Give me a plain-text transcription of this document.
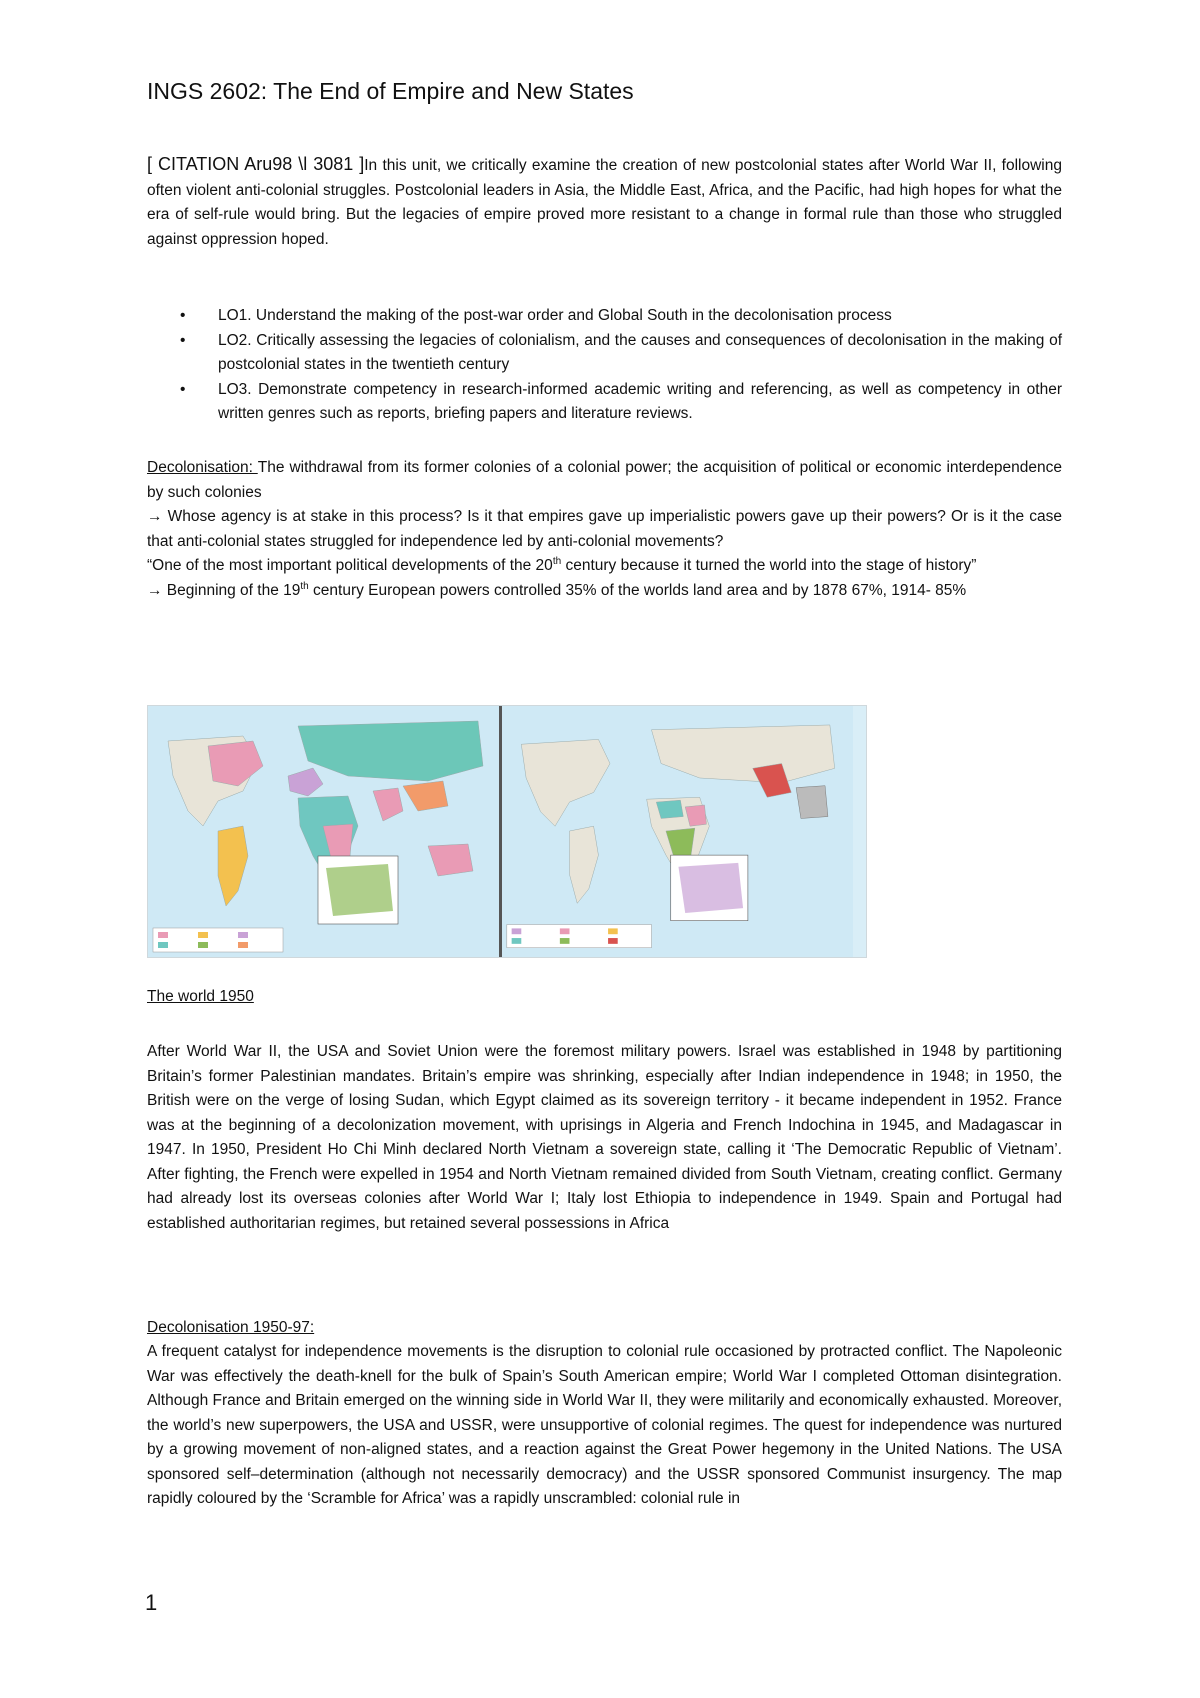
INGS 2602: The End of Empire and New States
[ CITATION Aru98 \l 3081 ]In this unit, we critically examine the creation of new postcolonial states after World War II, following often violent anti-colonial struggles. Postcolonial leaders in Asia, the Middle East, Africa, and the Pacific, had high hopes for what the era of self-rule would bring. But the legacies of empire proved more resistant to a change in formal rule than those who struggled against oppression hoped.
• LO1. Understand the making of the post-war order and Global South in the decolonisation process
• LO2. Critically assessing the legacies of colonialism, and the causes and consequences of decolonisation in the making of postcolonial states in the twentieth century
• LO3. Demonstrate competency in research-informed academic writing and referencing, as well as competency in other written genres such as reports, briefing papers and literature reviews.
Decolonisation: The withdrawal from its former colonies of a colonial power; the acquisition of political or economic interdependence by such colonies
→ Whose agency is at stake in this process? Is it that empires gave up imperialistic powers gave up their powers? Or is it the case that anti-colonial states struggled for independence led by anti-colonial movements?
“One of the most important political developments of the 20th century because it turned the world into the stage of history”
→ Beginning of the 19th century European powers controlled 35% of the worlds land area and by 1878 67%, 1914- 85%
The world 1950
After World War II, the USA and Soviet Union were the foremost military powers. Israel was established in 1948 by partitioning Britain’s former Palestinian mandates. Britain’s empire was shrinking, especially after Indian independence in 1948; in 1950, the British were on the verge of losing Sudan, which Egypt claimed as its sovereign territory - it became independent in 1952. France was at the beginning of a decolonization movement, with uprisings in Algeria and French Indochina in 1945, and Madagascar in 1947. In 1950, President Ho Chi Minh declared North Vietnam a sovereign state, calling it ‘The Democratic Republic of Vietnam’. After fighting, the French were expelled in 1954 and North Vietnam remained divided from South Vietnam, creating conflict. Germany had already lost its overseas colonies after World War I; Italy lost Ethiopia to independence in 1949. Spain and Portugal had established authoritarian regimes, but retained several possessions in Africa
Decolonisation 1950-97:
A frequent catalyst for independence movements is the disruption to colonial rule occasioned by protracted conflict. The Napoleonic War was effectively the death-knell for the bulk of Spain’s South American empire; World War I completed Ottoman disintegration. Although France and Britain emerged on the winning side in World War II, they were militarily and economically exhausted. Moreover, the world’s new superpowers, the USA and USSR, were unsupportive of colonial regimes. The quest for independence was nurtured by a growing movement of non-aligned states, and a reaction against the Great Power hegemony in the United Nations. The USA sponsored self–determination (although not necessarily democracy) and the USSR sponsored Communist insurgency. The map rapidly coloured by the ‘Scramble for Africa’ was a rapidly unscrambled: colonial rule in
1
